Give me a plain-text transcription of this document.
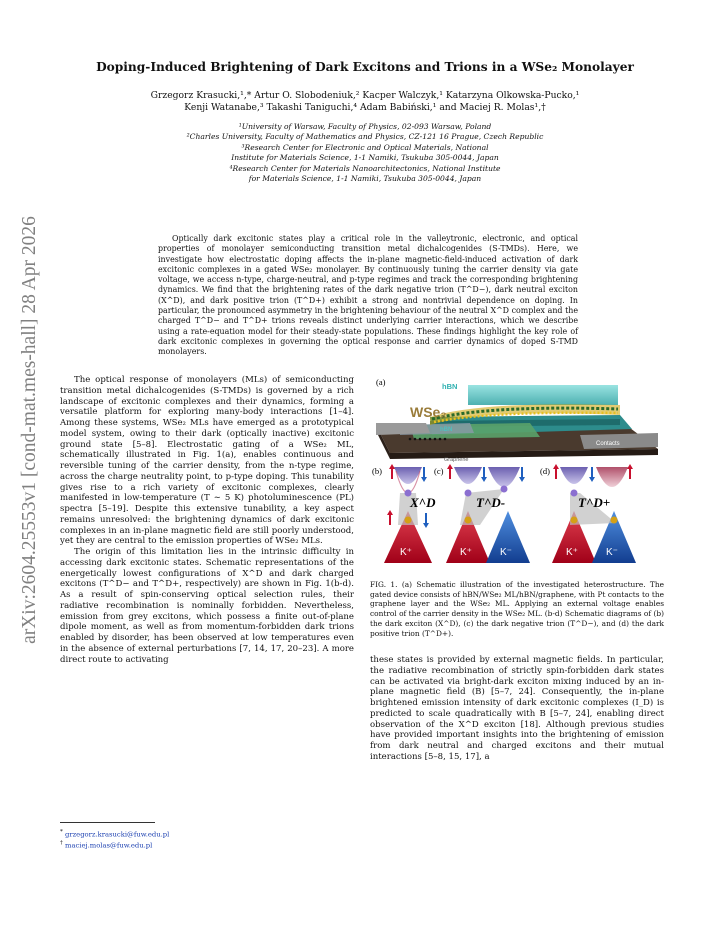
arXiv:2604.25553v1 [cond-mat.mes-hall] 28 Apr 2026
Doping-Induced Brightening of Dark Excitons and Trions in a WSe₂ Monolayer
Grzegorz Krasucki,¹,* Artur O. Slobodeniuk,² Kacper Walczyk,¹ Katarzyna Olkowska-Pucko,¹
Kenji Watanabe,³ Takashi Taniguchi,⁴ Adam Babiński,¹ and Maciej R. Molas¹,†
¹University of Warsaw, Faculty of Physics, 02-093 Warsaw, Poland
²Charles University, Faculty of Mathematics and Physics, CZ-121 16 Prague, Czech Republic
³Research Center for Electronic and Optical Materials, National
Institute for Materials Science, 1-1 Namiki, Tsukuba 305-0044, Japan
⁴Research Center for Materials Nanoarchitectonics, National Institute
for Materials Science, 1-1 Namiki, Tsukuba 305-0044, Japan
Optically dark excitonic states play a critical role in the valleytronic, electronic, and optical properties of monolayer semiconducting transition metal dichalcogenides (S-TMDs). Here, we investigate how electrostatic doping affects the in-plane magnetic-field-induced activation of dark excitonic complexes in a gated WSe₂ monolayer. By continuously tuning the carrier density via gate voltage, we access n-type, charge-neutral, and p-type regimes and track the corresponding brightening dynamics. We find that the brightening rates of the dark negative trion (T^D−), dark neutral exciton (X^D), and dark positive trion (T^D+) exhibit a strong and nontrivial dependence on doping. In particular, the pronounced asymmetry in the brightening behaviour of the neutral X^D complex and the charged T^D− and T^D+ trions reveals distinct underlying carrier interactions, which we describe using a rate-equation model for their steady-state populations. These findings highlight the key role of dark excitonic complexes in governing the optical response and carrier dynamics of doped S-TMD monolayers.

The optical response of monolayers (MLs) of semiconducting transition metal dichalcogenides (S-TMDs) is governed by a rich landscape of excitonic complexes and their dynamics, forming a versatile platform for exploring many-body interactions [1–4]. Among these systems, WSe₂ MLs have emerged as a prototypical model system, owing to their dark (optically inactive) excitonic ground state [5–8]. Electrostatic gating of a WSe₂ ML, schematically illustrated in Fig. 1(a), enables continuous and reversible tuning of the carrier density, from the n-type regime, across the charge neutrality point, to p-type doping. This tunability gives rise to a rich variety of excitonic complexes, clearly manifested in low-temperature (T ∼ 5 K) photoluminescence (PL) spectra [5–19]. Despite this extensive tunability, a key aspect remains unresolved: the brightening dynamics of dark excitonic complexes in an in-plane magnetic field are still poorly understood, yet they are central to the emission properties of WSe₂ MLs.

The origin of this limitation lies in the intrinsic difficulty in accessing dark excitonic states. Schematic representations of the energetically lowest configurations of X^D and dark charged excitons (T^D− and T^D+, respectively) are shown in Fig. 1(b-d). As a result of spin-conserving optical selection rules, their radiative recombination is nominally forbidden. Nevertheless, emission from grey excitons, which possess a finite out-of-plane dipole moment, as well as from momentum-forbidden dark trions enabled by disorder, has been observed at low temperatures even in the absence of external perturbations [7, 14, 17, 20–23]. A more direct route to activating

(a)	hBN
WSe₂
hBN
Graphene
Contacts
(b)
X^D
K⁺
(c)
T^D-
K⁺	K⁻
(d)
T^D+
K⁺	K⁻
FIG. 1. (a) Schematic illustration of the investigated heterostructure. The gated device consists of hBN/WSe₂ ML/hBN/graphene, with Pt contacts to the graphene layer and the WSe₂ ML. Applying an external voltage enables control of the carrier density in the WSe₂ ML. (b-d) Schematic diagrams of (b) the dark exciton (X^D), (c) the dark negative trion (T^D−), and (d) the dark positive trion (T^D+).

these states is provided by external magnetic fields. In particular, the radiative recombination of strictly spin-forbidden dark states can be activated via bright-dark exciton mixing induced by an in-plane magnetic field (B) [5–7, 24]. Consequently, the in-plane brightened emission intensity of dark excitonic complexes (I_D) is predicted to scale quadratically with B [5–7, 24], enabling direct observation of the X^D exciton [18]. Although previous studies have provided important insights into the brightening of emission from dark neutral and charged excitons and their mutual interactions [5–8, 15, 17], a

* grzegorz.krasucki@fuw.edu.pl
† maciej.molas@fuw.edu.pl
